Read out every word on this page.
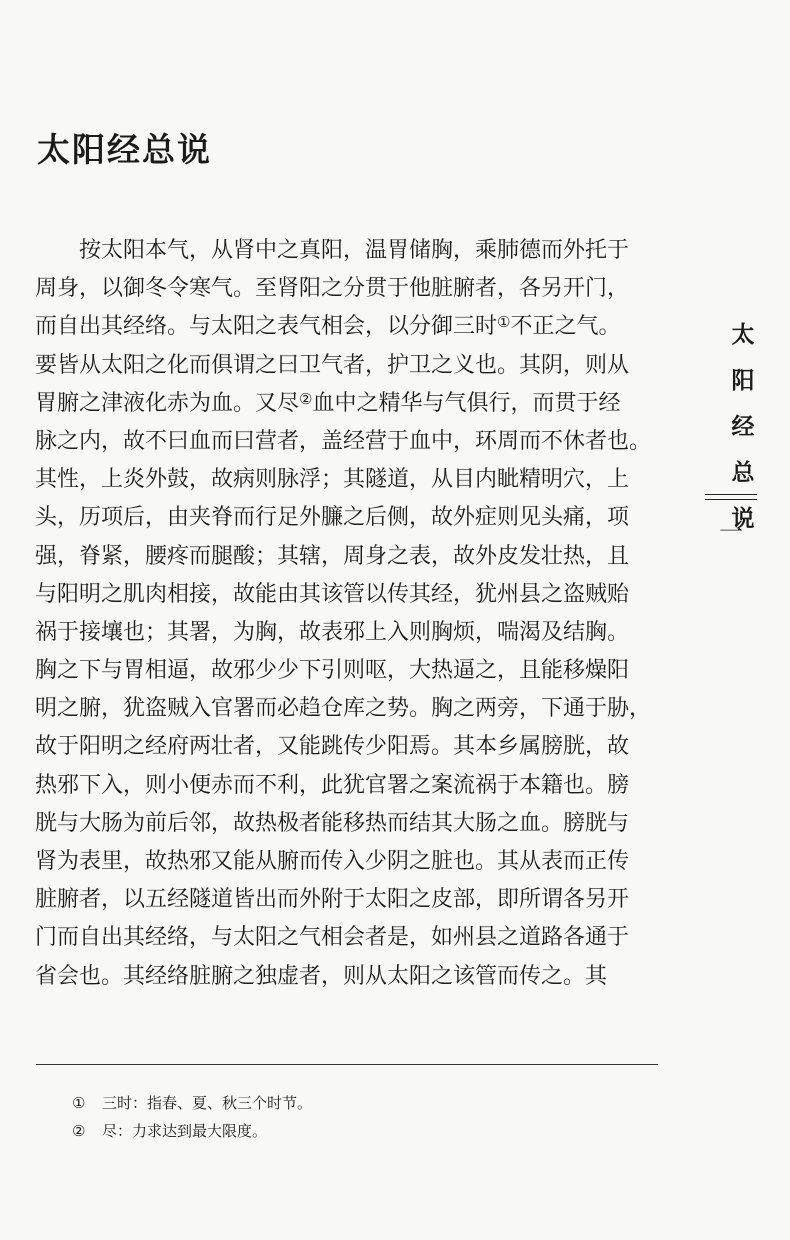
太阳经总说
按太阳本气，从肾中之真阳，温胃储胸，乘肺德而外托于
周身，以御冬令寒气。至肾阳之分贯于他脏腑者，各另开门，
而自出其经络。与太阳之表气相会，以分御三时①不正之气。
要皆从太阳之化而俱谓之曰卫气者，护卫之义也。其阴，则从
胃腑之津液化赤为血。又尽②血中之精华与气俱行，而贯于经
脉之内，故不曰血而曰营者，盖经营于血中，环周而不休者也。
其性，上炎外鼓，故病则脉浮；其隧道，从目内眦精明穴，上
头，历项后，由夹脊而行足外臁之后侧，故外症则见头痛，项
强，脊紧，腰疼而腿酸；其辖，周身之表，故外皮发壮热，且
与阳明之肌肉相接，故能由其该管以传其经，犹州县之盗贼贻
祸于接壤也；其署，为胸，故表邪上入则胸烦，喘渴及结胸。
胸之下与胃相逼，故邪少少下引则呕，大热逼之，且能移燥阳
明之腑，犹盗贼入官署而必趋仓库之势。胸之两旁，下通于胁，
故于阳明之经府两壮者，又能跳传少阳焉。其本乡属膀胱，故
热邪下入，则小便赤而不利，此犹官署之案流祸于本籍也。膀
胱与大肠为前后邻，故热极者能移热而结其大肠之血。膀胱与
肾为表里，故热邪又能从腑而传入少阴之脏也。其从表而正传
脏腑者，以五经隧道皆出而外附于太阳之皮部，即所谓各另开
门而自出其经络，与太阳之气相会者是，如州县之道路各通于
省会也。其经络脏腑之独虚者，则从太阳之该管而传之。其
太
阳
经
总
说
一
① 三时：指春、夏、秋三个时节。
② 尽：力求达到最大限度。
